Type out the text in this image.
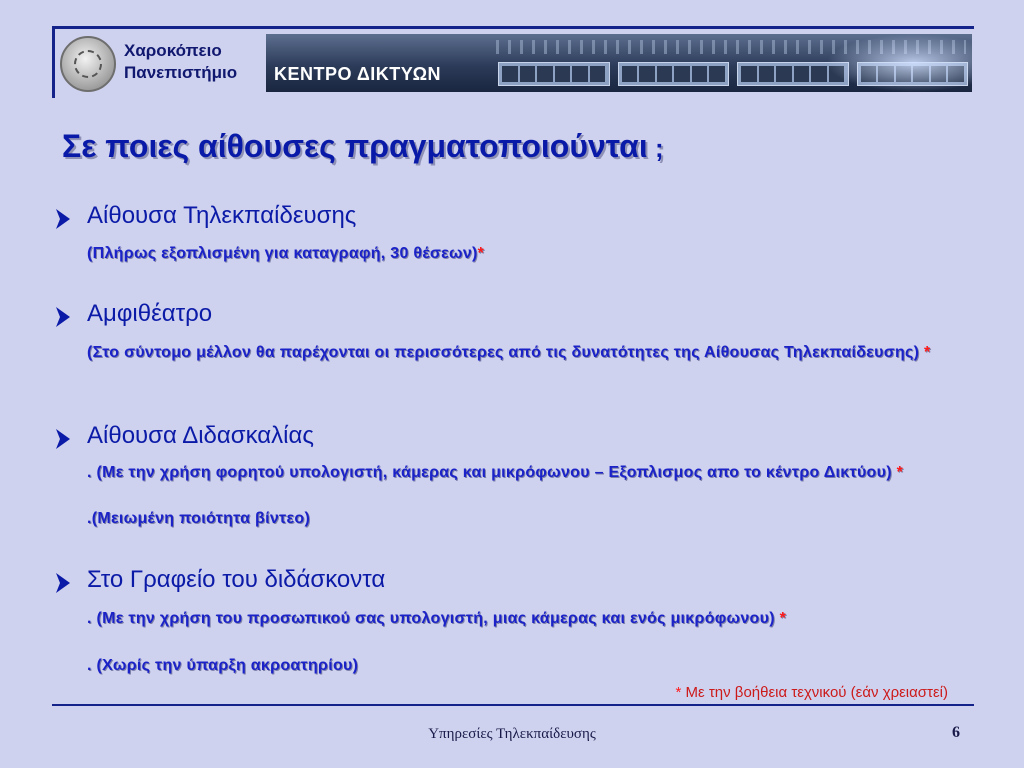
Χαροκόπειο
Πανεπιστήμιο ΚΕΝΤΡΟ ΔΙΚΤΥΩΝ
Σε ποιες αίθουσες πραγματοποιούνται ;
Αίθουσα Τηλεκπαίδευσης
(Πλήρως εξοπλισμένη για καταγραφή, 30 θέσεων)*
Αμφιθέατρο
(Στο σύντομο μέλλον θα παρέχονται οι περισσότερες από τις δυνατότητες της Αίθουσας Τηλεκπαίδευσης) *
Αίθουσα Διδασκαλίας
. (Με την χρήση φορητού υπολογιστή, κάμερας και μικρόφωνου – Εξοπλισμος απο το κέντρο Δικτύου) *
.(Μειωμένη ποιότητα βίντεο)
Στο Γραφείο του διδάσκοντα
. (Με την χρήση του προσωπικού σας υπολογιστή, μιας κάμερας και ενός μικρόφωνου) *
. (Χωρίς την ύπαρξη ακροατηρίου)
* Με την βοήθεια τεχνικού (εάν χρειαστεί)
Υπηρεσίες Τηλεκπαίδευσης	6
